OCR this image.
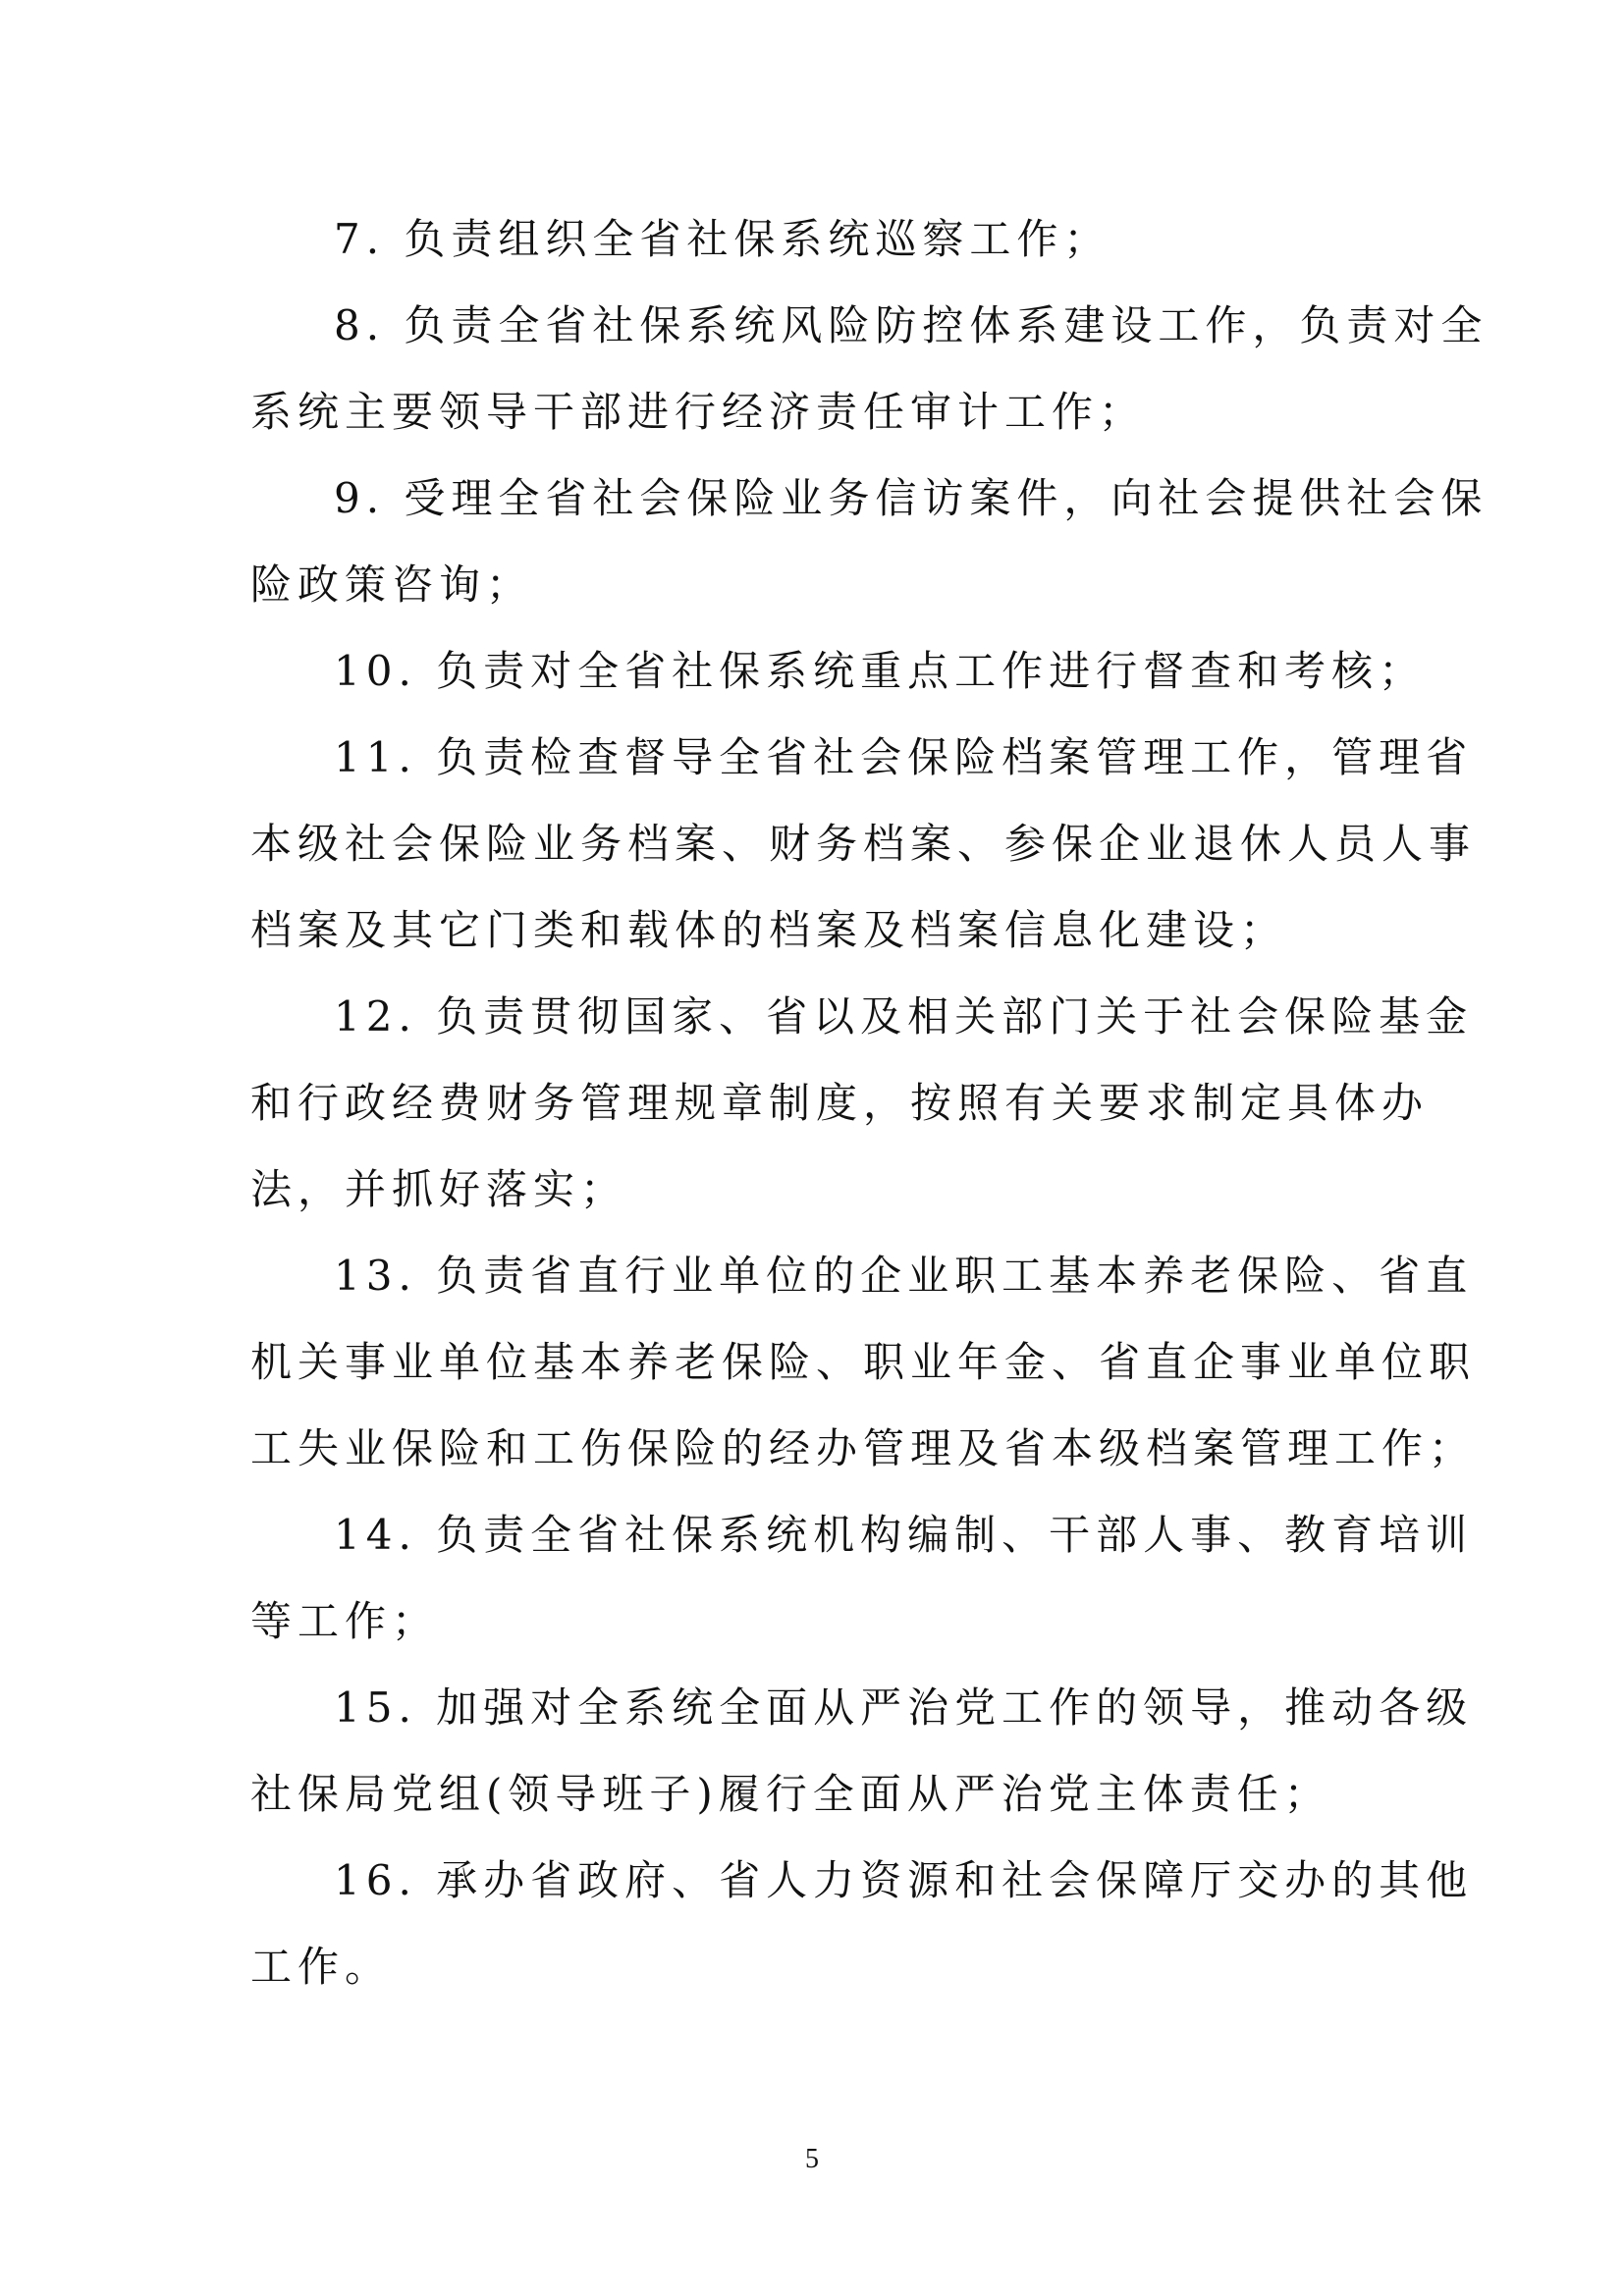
7. 负责组织全省社保系统巡察工作；
8. 负责全省社保系统风险防控体系建设工作，负责对全
系统主要领导干部进行经济责任审计工作；
9. 受理全省社会保险业务信访案件，向社会提供社会保
险政策咨询；
10. 负责对全省社保系统重点工作进行督查和考核；
11. 负责检查督导全省社会保险档案管理工作，管理省
本级社会保险业务档案、财务档案、参保企业退休人员人事
档案及其它门类和载体的档案及档案信息化建设；
12. 负责贯彻国家、省以及相关部门关于社会保险基金
和行政经费财务管理规章制度，按照有关要求制定具体办
法，并抓好落实；
13. 负责省直行业单位的企业职工基本养老保险、省直
机关事业单位基本养老保险、职业年金、省直企事业单位职
工失业保险和工伤保险的经办管理及省本级档案管理工作；
14. 负责全省社保系统机构编制、干部人事、教育培训
等工作；
15. 加强对全系统全面从严治党工作的领导，推动各级
社保局党组(领导班子)履行全面从严治党主体责任；
16. 承办省政府、省人力资源和社会保障厅交办的其他
工作。
5
